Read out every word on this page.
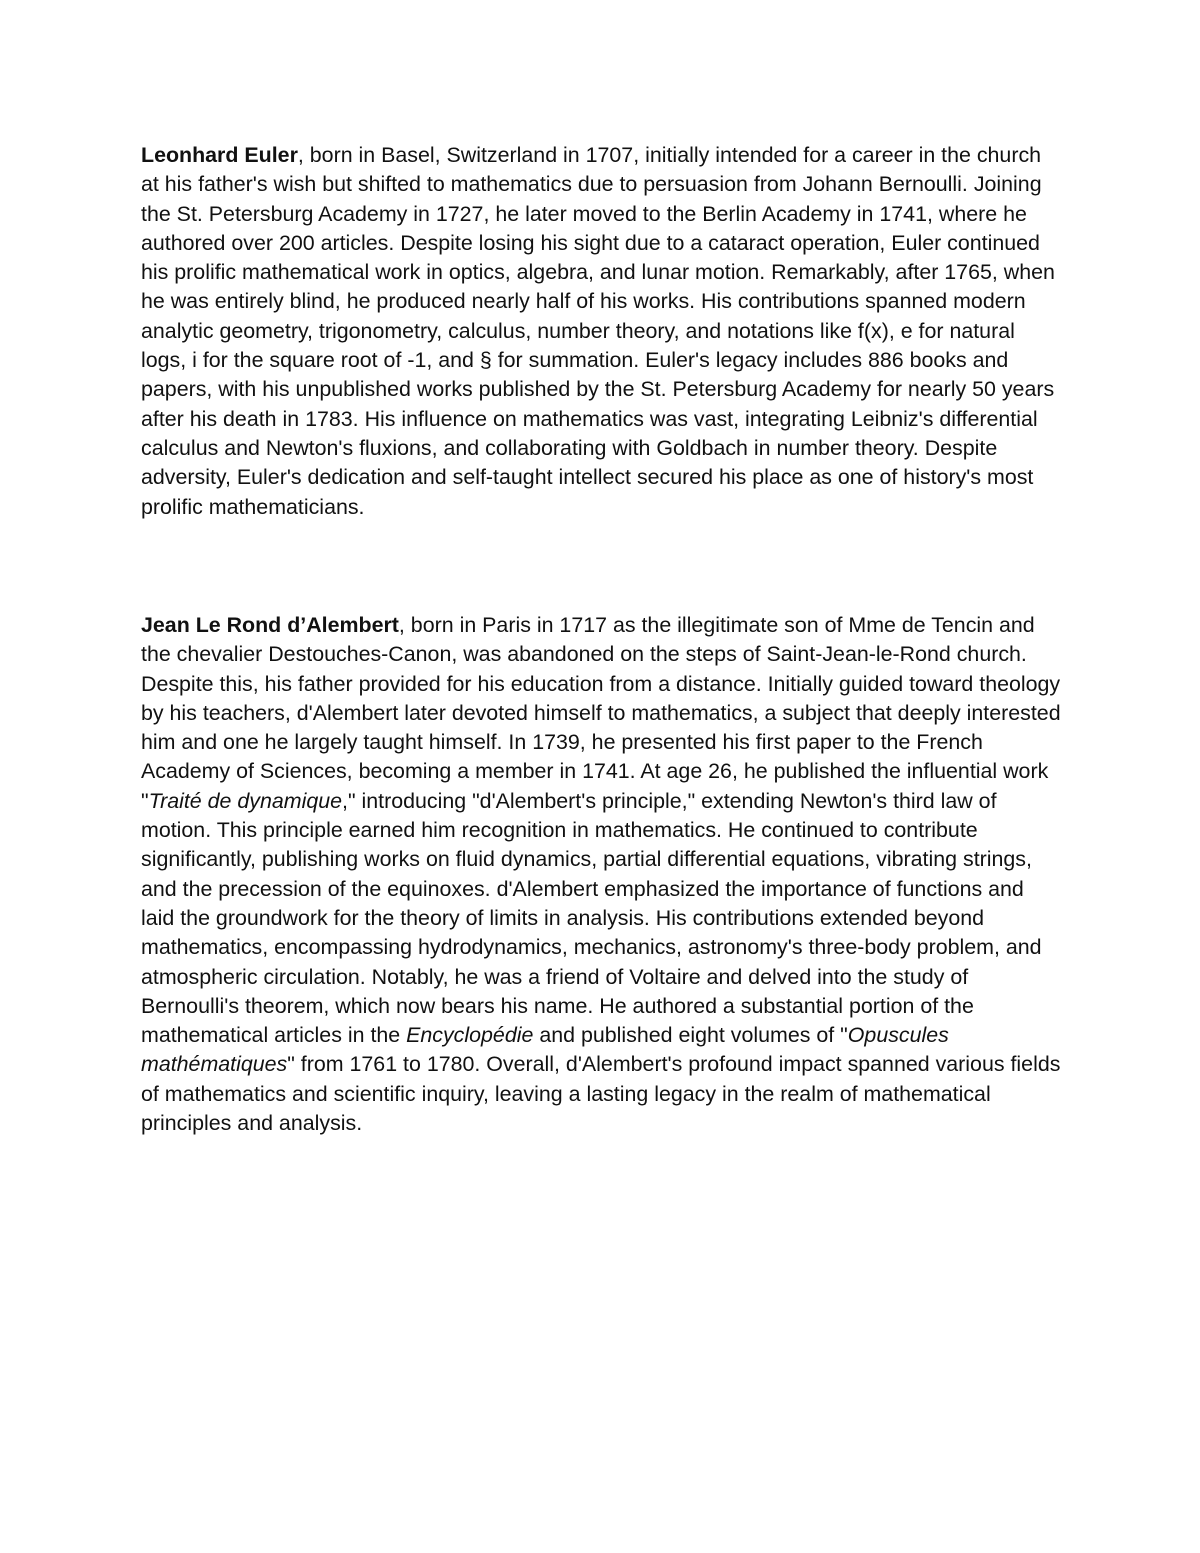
Leonhard Euler, born in Basel, Switzerland in 1707, initially intended for a career in the church at his father's wish but shifted to mathematics due to persuasion from Johann Bernoulli. Joining the St. Petersburg Academy in 1727, he later moved to the Berlin Academy in 1741, where he authored over 200 articles. Despite losing his sight due to a cataract operation, Euler continued his prolific mathematical work in optics, algebra, and lunar motion. Remarkably, after 1765, when he was entirely blind, he produced nearly half of his works. His contributions spanned modern analytic geometry, trigonometry, calculus, number theory, and notations like f(x), e for natural logs, i for the square root of -1, and § for summation. Euler's legacy includes 886 books and papers, with his unpublished works published by the St. Petersburg Academy for nearly 50 years after his death in 1783. His influence on mathematics was vast, integrating Leibniz's differential calculus and Newton's fluxions, and collaborating with Goldbach in number theory. Despite adversity, Euler's dedication and self-taught intellect secured his place as one of history's most prolific mathematicians.

Jean Le Rond d’Alembert, born in Paris in 1717 as the illegitimate son of Mme de Tencin and the chevalier Destouches-Canon, was abandoned on the steps of Saint-Jean-le-Rond church. Despite this, his father provided for his education from a distance. Initially guided toward theology by his teachers, d'Alembert later devoted himself to mathematics, a subject that deeply interested him and one he largely taught himself. In 1739, he presented his first paper to the French Academy of Sciences, becoming a member in 1741. At age 26, he published the influential work "Traité de dynamique," introducing "d'Alembert's principle," extending Newton's third law of motion. This principle earned him recognition in mathematics. He continued to contribute significantly, publishing works on fluid dynamics, partial differential equations, vibrating strings, and the precession of the equinoxes. d'Alembert emphasized the importance of functions and laid the groundwork for the theory of limits in analysis. His contributions extended beyond mathematics, encompassing hydrodynamics, mechanics, astronomy's three-body problem, and atmospheric circulation. Notably, he was a friend of Voltaire and delved into the study of Bernoulli's theorem, which now bears his name. He authored a substantial portion of the mathematical articles in the Encyclopédie and published eight volumes of "Opuscules mathématiques" from 1761 to 1780. Overall, d'Alembert's profound impact spanned various fields of mathematics and scientific inquiry, leaving a lasting legacy in the realm of mathematical principles and analysis.
